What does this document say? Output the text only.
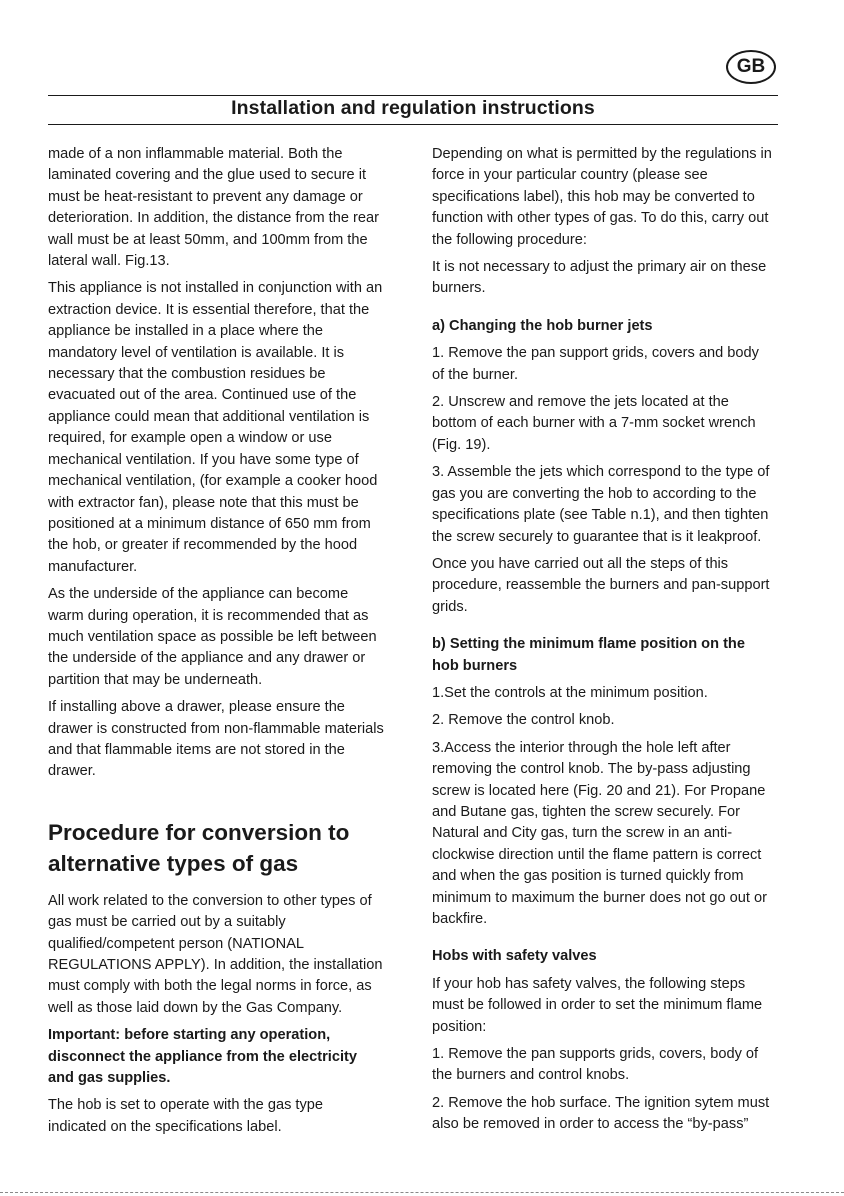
GB
Installation and regulation instructions

made of a non inflammable material. Both the laminated covering and the glue used to secure it must be heat-resistant to prevent any damage or deterioration. In addition, the distance from the rear wall must be at least 50mm, and 100mm from the lateral wall. Fig.13.

This appliance is not installed in conjunction with an extraction device. It is essential therefore, that the appliance be installed in a place where the mandatory level of ventilation is available. It is necessary that the combustion residues be evacuated out of the area. Continued use of the appliance could mean that additional ventilation is required, for example open a window or use mechanical ventilation. If you have some type of mechanical ventilation, (for example a cooker hood with extractor fan), please note that this must be positioned at a minimum distance of 650 mm from the hob, or greater if recommended by the hood manufacturer.

As the underside of the appliance can become warm during operation, it is recommended that as much ventilation space as possible be left between the underside of the appliance and any drawer or partition that may be underneath.

If installing above a drawer, please ensure the drawer is constructed from non-flammable materials and that flammable items are not stored in the drawer.

Procedure for conversion to alternative types of gas

All work related to the conversion to other types of gas must be carried out by a suitably qualified/competent person (NATIONAL REGULATIONS APPLY). In addition, the installation must comply with both the legal norms in force, as well as those laid down by the Gas Company.

Important: before starting any operation, disconnect the appliance from the electricity and gas supplies.

The hob is set to operate with the gas type indicated on the specifications label.

Depending on what is permitted by the regulations in force in your particular country (please see specifications label), this hob may be converted to function with other types of gas. To do this, carry out the following procedure:

It is not necessary to adjust the primary air on these burners.

a) Changing the hob burner jets

1. Remove the pan support grids, covers and body of the burner.

2. Unscrew and remove the jets located at the bottom of each burner with a 7-mm socket wrench (Fig. 19).

3. Assemble the jets which correspond to the type of gas you are converting the hob to according to the specifications plate (see Table n.1), and then tighten the screw securely to guarantee that is it leakproof.

Once you have carried out all the steps of this procedure, reassemble the burners and pan-support grids.

b) Setting the minimum flame position on the hob burners

1.Set the controls at the minimum position.

2. Remove the control knob.

3.Access the interior through the hole left after removing the control knob. The by-pass adjusting screw is located here (Fig. 20 and 21). For Propane and Butane gas, tighten the screw securely. For Natural and City gas, turn the screw in an anti-clockwise direction until the flame pattern is correct and when the gas position is turned quickly from minimum to maximum the burner does not go out or backfire.

Hobs with safety valves

If your hob has safety valves, the following steps must be followed in order to set the minimum flame position:

1. Remove the pan supports grids, covers, body of the burners and control knobs.

2. Remove the hob surface. The ignition sytem must also be removed in order to access the “by-pass”
